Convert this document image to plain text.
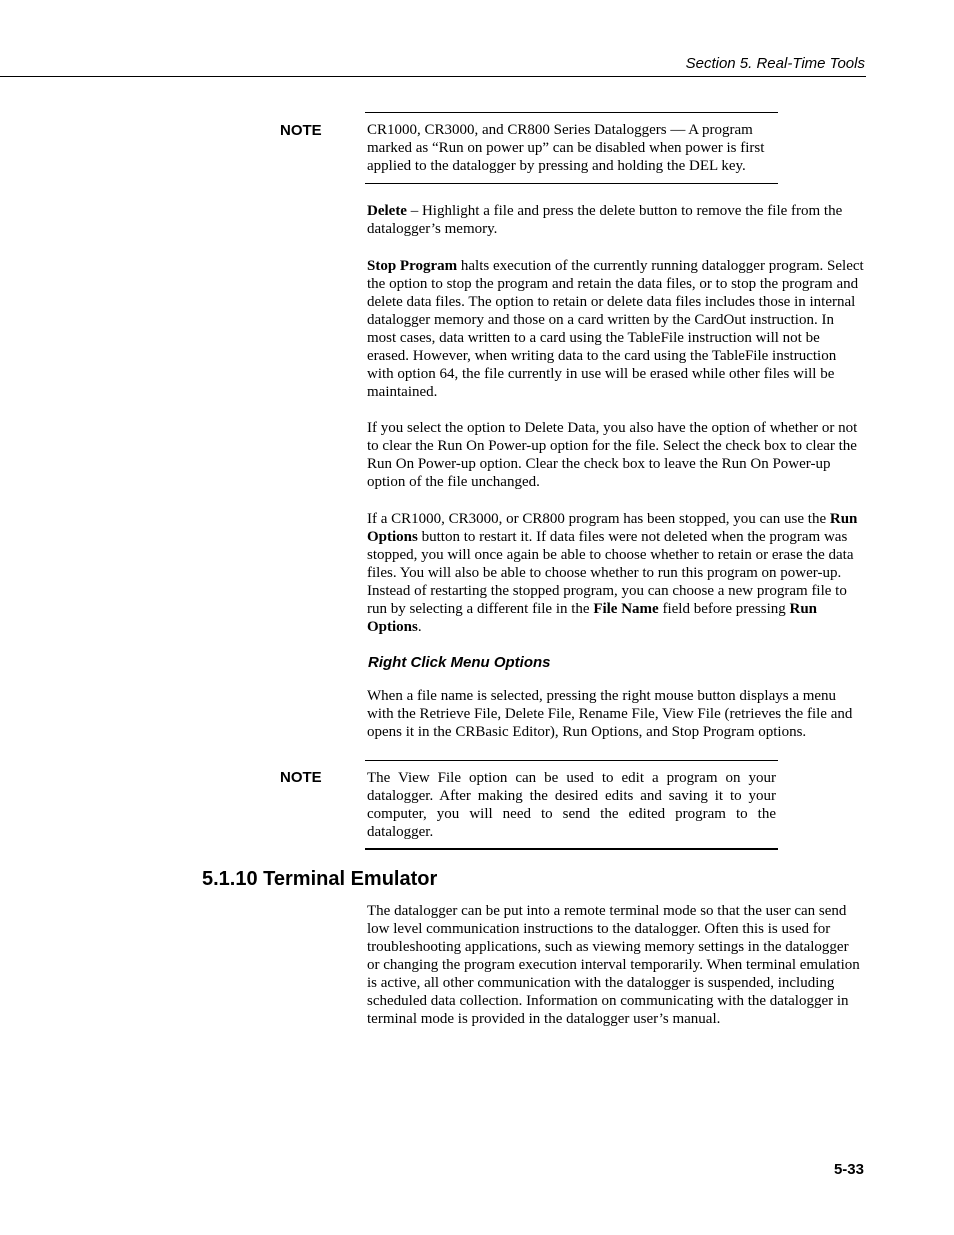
Section 5. Real-Time Tools
NOTE	CR1000, CR3000, and CR800 Series Dataloggers — A program marked as “Run on power up” can be disabled when power is first applied to the datalogger by pressing and holding the DEL key.

Delete – Highlight a file and press the delete button to remove the file from the datalogger’s memory.

Stop Program halts execution of the currently running datalogger program. Select the option to stop the program and retain the data files, or to stop the program and delete data files. The option to retain or delete data files includes those in internal datalogger memory and those on a card written by the CardOut instruction. In most cases, data written to a card using the TableFile instruction will not be erased. However, when writing data to the card using the TableFile instruction with option 64, the file currently in use will be erased while other files will be maintained.

If you select the option to Delete Data, you also have the option of whether or not to clear the Run On Power-up option for the file. Select the check box to clear the Run On Power-up option. Clear the check box to leave the Run On Power-up option of the file unchanged.

If a CR1000, CR3000, or CR800 program has been stopped, you can use the Run Options button to restart it. If data files were not deleted when the program was stopped, you will once again be able to choose whether to retain or erase the data files. You will also be able to choose whether to run this program on power-up. Instead of restarting the stopped program, you can choose a new program file to run by selecting a different file in the File Name field before pressing Run Options.

Right Click Menu Options

When a file name is selected, pressing the right mouse button displays a menu with the Retrieve File, Delete File, Rename File, View File (retrieves the file and opens it in the CRBasic Editor), Run Options, and Stop Program options.

NOTE	The View File option can be used to edit a program on your datalogger. After making the desired edits and saving it to your computer, you will need to send the edited program to the datalogger.

5.1.10 Terminal Emulator

The datalogger can be put into a remote terminal mode so that the user can send low level communication instructions to the datalogger. Often this is used for troubleshooting applications, such as viewing memory settings in the datalogger or changing the program execution interval temporarily. When terminal emulation is active, all other communication with the datalogger is suspended, including scheduled data collection. Information on communicating with the datalogger in terminal mode is provided in the datalogger user’s manual.

5-33
